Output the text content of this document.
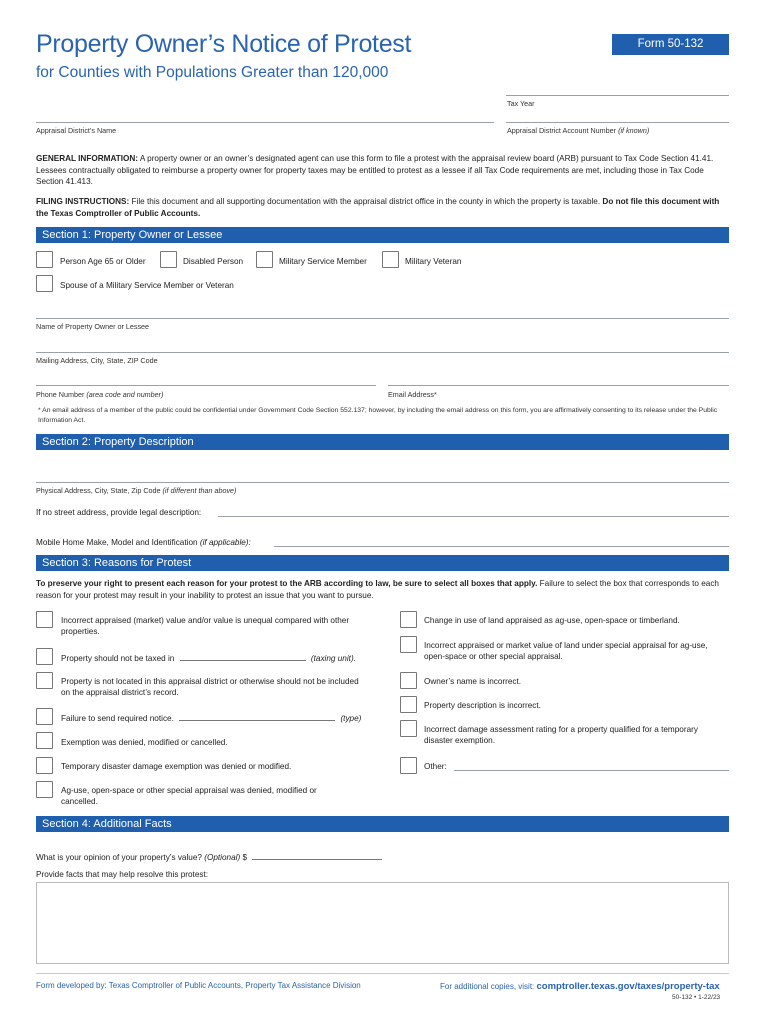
Property Owner’s Notice of Protest	Form 50-132
for Counties with Populations Greater than 120,000
Tax Year
Appraisal District’s Name	Appraisal District Account Number (if known)
GENERAL INFORMATION: A property owner or an owner’s designated agent can use this form to file a protest with the appraisal review board (ARB) pursuant to Tax Code Section 41.41. Lessees contractually obligated to reimburse a property owner for property taxes may be entitled to protest as a lessee if all Tax Code requirements are met, including those in Tax Code Section 41.413.
FILING INSTRUCTIONS: File this document and all supporting documentation with the appraisal district office in the county in which the property is taxable. Do not file this document with the Texas Comptroller of Public Accounts.
Section 1: Property Owner or Lessee
Person Age 65 or Older	Disabled Person	Military Service Member	Military Veteran
Spouse of a Military Service Member or Veteran
Name of Property Owner or Lessee
Mailing Address, City, State, ZIP Code
Phone Number (area code and number)	Email Address*
* An email address of a member of the public could be confidential under Government Code Section 552.137; however, by including the email address on this form, you are affirmatively consenting to its release under the Public Information Act.
Section 2: Property Description
Physical Address, City, State, Zip Code (if different than above)
If no street address, provide legal description:
Mobile Home Make, Model and Identification (if applicable):
Section 3: Reasons for Protest
To preserve your right to present each reason for your protest to the ARB according to law, be sure to select all boxes that apply. Failure to select the box that corresponds to each reason for your protest may result in your inability to protest an issue that you want to pursue.
Incorrect appraised (market) value and/or value is unequal compared with other properties.
Property should not be taxed in	(taxing unit).
Property is not located in this appraisal district or otherwise should not be included on the appraisal district’s record.
Failure to send required notice.	(type)
Exemption was denied, modified or cancelled.
Temporary disaster damage exemption was denied or modified.
Ag-use, open-space or other special appraisal was denied, modified or cancelled.
Change in use of land appraised as ag-use, open-space or timberland.
Incorrect appraised or market value of land under special appraisal for ag-use, open-space or other special appraisal.
Owner’s name is incorrect.
Property description is incorrect.
Incorrect damage assessment rating for a property qualified for a temporary disaster exemption.
Other:
Section 4: Additional Facts
What is your opinion of your property’s value? (Optional) $
Provide facts that may help resolve this protest:
Form developed by: Texas Comptroller of Public Accounts, Property Tax Assistance Division	For additional copies, visit: comptroller.texas.gov/taxes/property-tax
50-132 • 1-22/23
